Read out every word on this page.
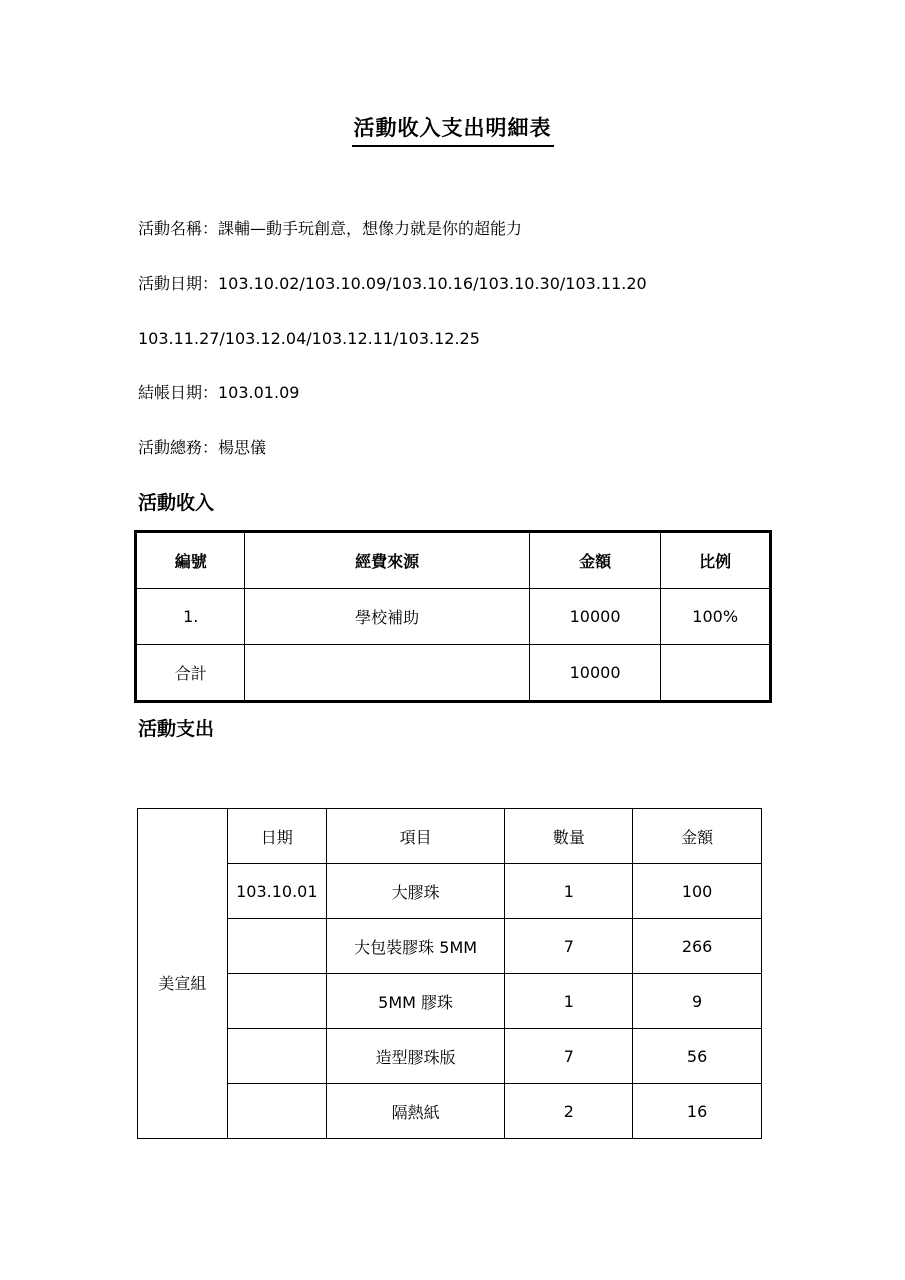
活動收入支出明細表
活動名稱：課輔—動手玩創意，想像力就是你的超能力
活動日期：103.10.02/103.10.09/103.10.16/103.10.30/103.11.20
103.11.27/103.12.04/103.12.11/103.12.25
結帳日期：103.01.09
活動總務：楊思儀
活動收入
編號	經費來源	金額	比例
1.	學校補助	10000	100%
合計		10000	
活動支出
美宣組	日期	項目	數量	金額
	103.10.01	大膠珠	1	100
		大包裝膠珠 5MM	7	266
		5MM 膠珠	1	9
		造型膠珠版	7	56
		隔熱紙	2	16
